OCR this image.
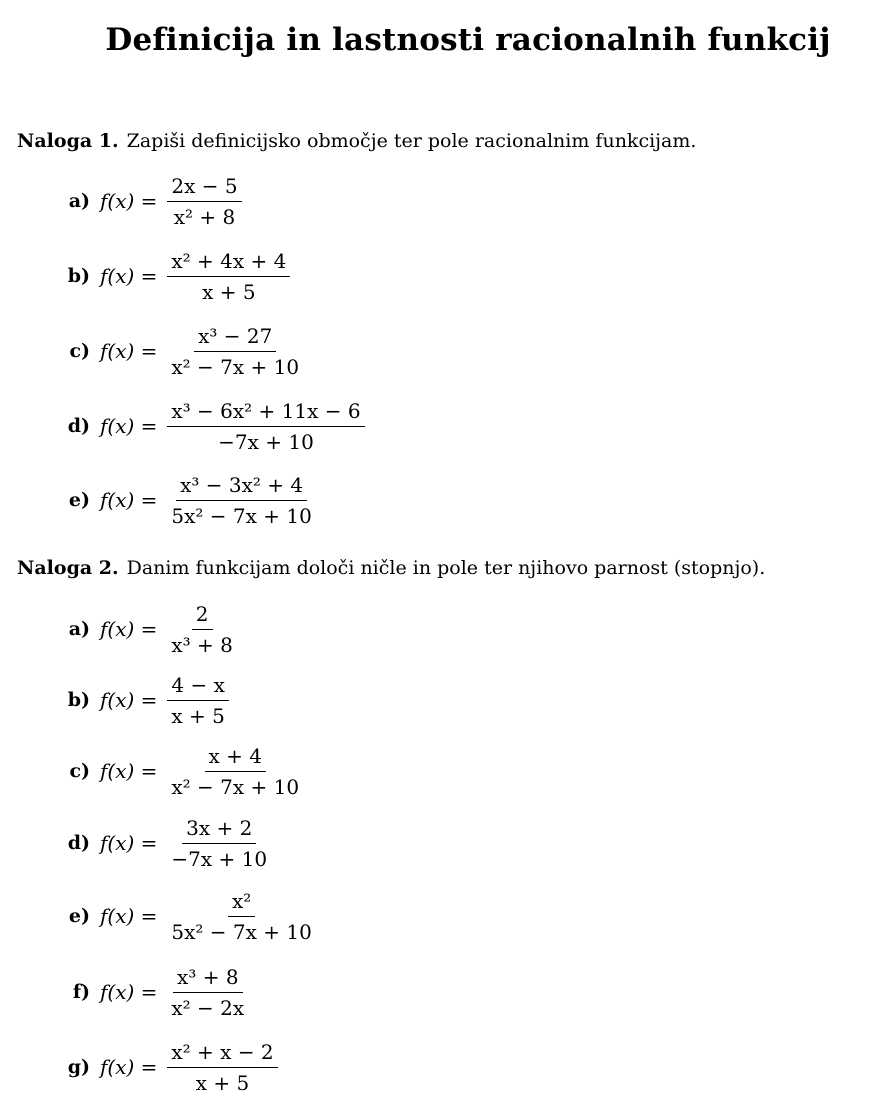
Definicija in lastnosti racionalnih funkcij
Naloga 1. Zapiši definicijsko območje ter pole racionalnim funkcijam.
a) $f(x) = \frac{2x - 5}{\text{x² + 8}}$
b) $f(x) = \frac{\text{x² + 4x + 4}}{x + 5}$
c) $f(x) = \frac{\text{x³ − 27}}{\text{x² − 7x + 10}}$
d) $f(x) = \frac{\text{x³ − 6x² + 11x − 6}}{-7x + 10}$
e) $f(x) = \frac{\text{x³ − 3x² + 4}}{\text{5x² − 7x + 10}}$
Naloga 2. Danim funkcijam določi ničle in pole ter njihovo parnost (stopnjo).
a) $f(x) = \frac{2}{\text{x³ + 8}}$
b) $f(x) = \frac{4 - x}{x + 5}$
c) $f(x) = \frac{x + 4}{\text{x² − 7x + 10}}$
d) $f(x) = \frac{3x + 2}{-7x + 10}$
e) $f(x) = \frac{\text{x²}}{\text{5x² − 7x + 10}}$
f) $f(x) = \frac{\text{x³ + 8}}{\text{x² − 2x}}$
g) $f(x) = \frac{\text{x² + x − 2}}{x + 5}$
